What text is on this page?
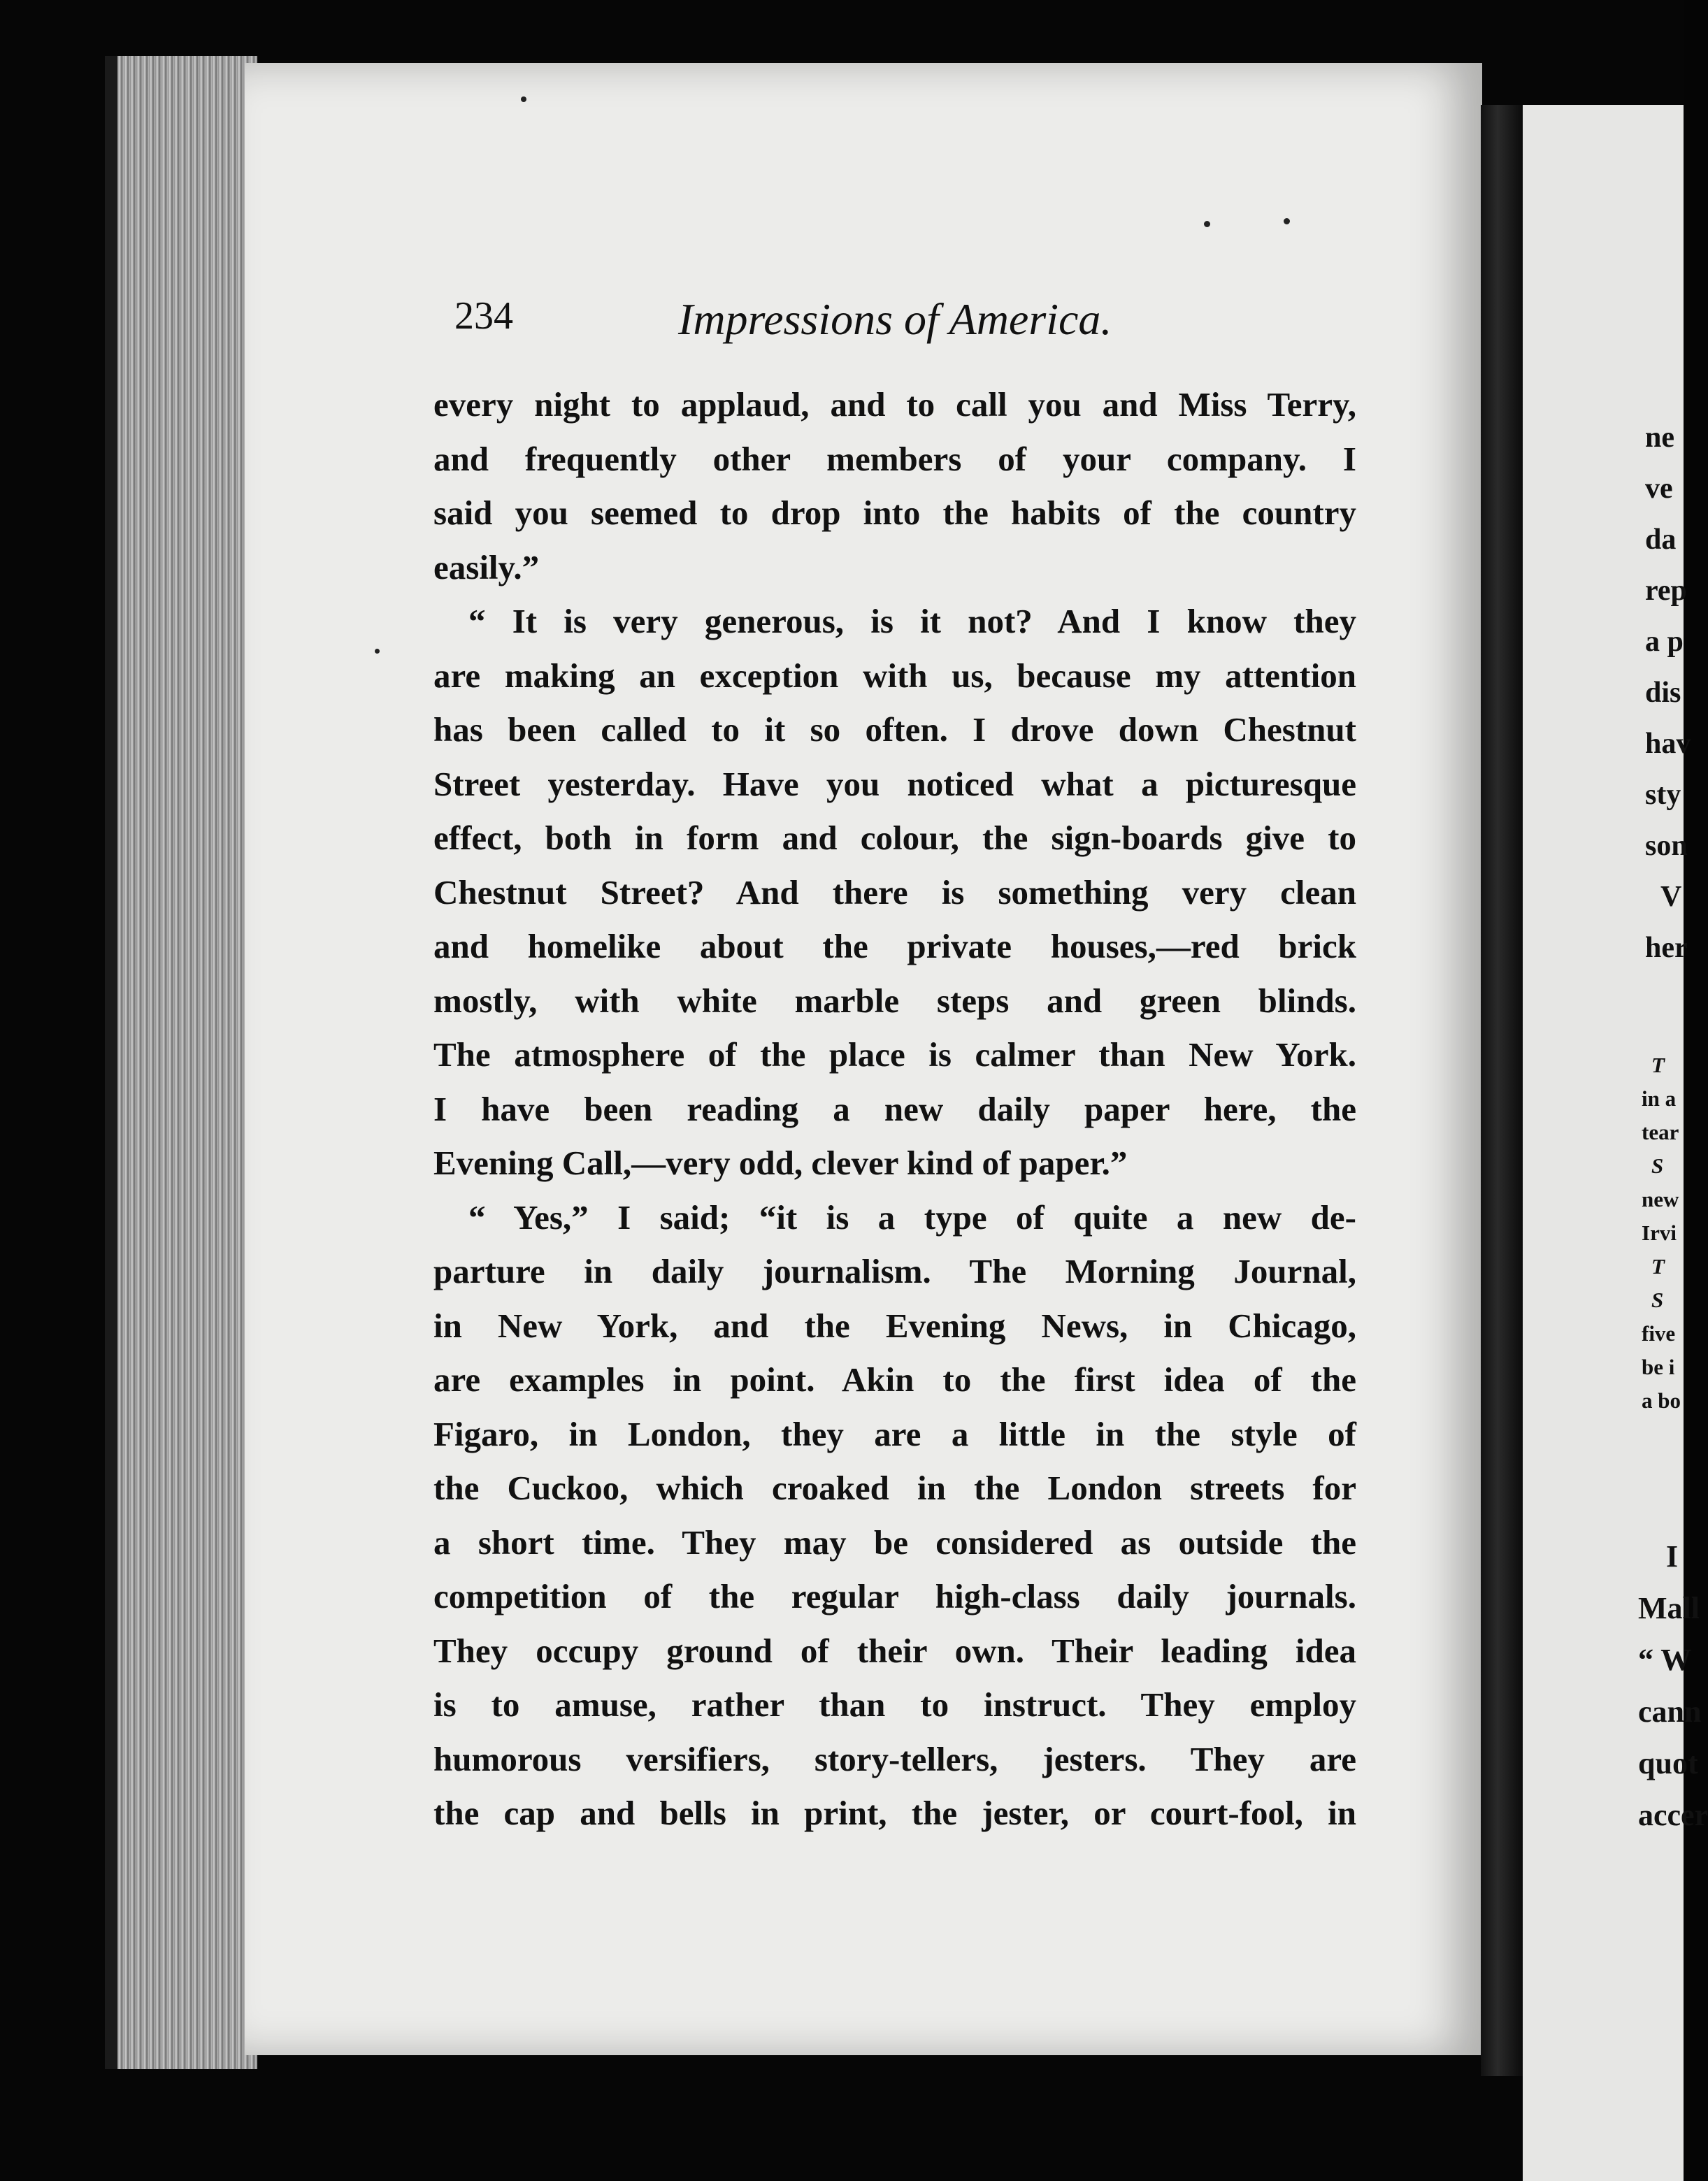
234	Impressions of America.
every night to applaud, and to call you and Miss Terry,
and frequently other members of your company. I
said you seemed to drop into the habits of the country
easily.”
“ It is very generous, is it not? And I know they
are making an exception with us, because my attention
has been called to it so often. I drove down Chestnut
Street yesterday. Have you noticed what a picturesque
effect, both in form and colour, the sign-boards give to
Chestnut Street? And there is something very clean
and homelike about the private houses,—red brick
mostly, with white marble steps and green blinds.
The atmosphere of the place is calmer than New York.
I have been reading a new daily paper here, the
Evening Call,—very odd, clever kind of paper.”
“ Yes,” I said; “it is a type of quite a new de-
parture in daily journalism. The Morning Journal,
in New York, and the Evening News, in Chicago,
are examples in point. Akin to the first idea of the
Figaro, in London, they are a little in the style of
the Cuckoo, which croaked in the London streets for
a short time. They may be considered as outside the
competition of the regular high-class daily journals.
They occupy ground of their own. Their leading idea
is to amuse, rather than to instruct. They employ
humorous versifiers, story-tellers, jesters. They are
the cap and bells in print, the jester, or court-fool, in
ne
ve
da
rep
a p
dis
hav
sty
son
V
her
T
in a
tear
S
new
Irvi
T
S
five
be i
a bo
I
Mall
“ W
cann
quot
accer
